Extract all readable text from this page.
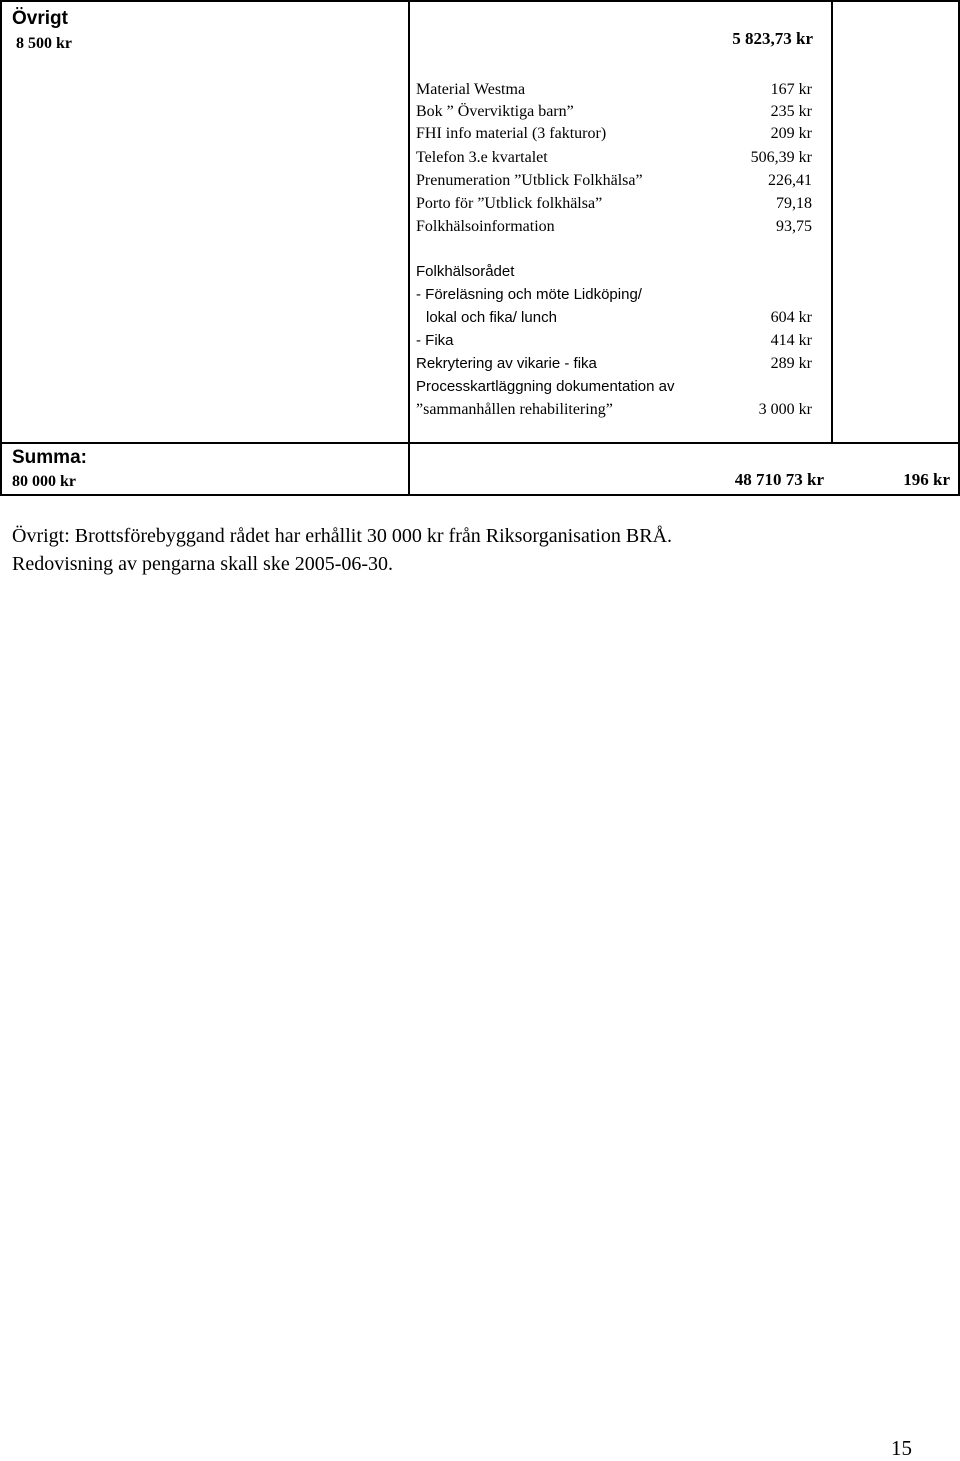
Övrigt
8 500 kr	5 823,73 kr
Material Westma	167 kr
Bok ” Överviktiga barn”	235 kr
FHI info material (3 fakturor)	209 kr
Telefon 3.e kvartalet	506,39 kr
Prenumeration ”Utblick Folkhälsa”	226,41
Porto för ”Utblick folkhälsa”	79,18
Folkhälsoinformation	93,75
Folkhälsorådet
- Föreläsning och möte Lidköping/
lokal och fika/ lunch	604 kr
- Fika	414 kr
Rekrytering av vikarie - fika	289 kr
Processkartläggning dokumentation av
”sammanhållen rehabilitering”	3 000 kr
Summa:
80 000 kr	48 710 73 kr	196 kr
Övrigt: Brottsförebyggand rådet har erhållit 30 000 kr från Riksorganisation BRÅ.
Redovisning av pengarna skall ske 2005-06-30.
15
